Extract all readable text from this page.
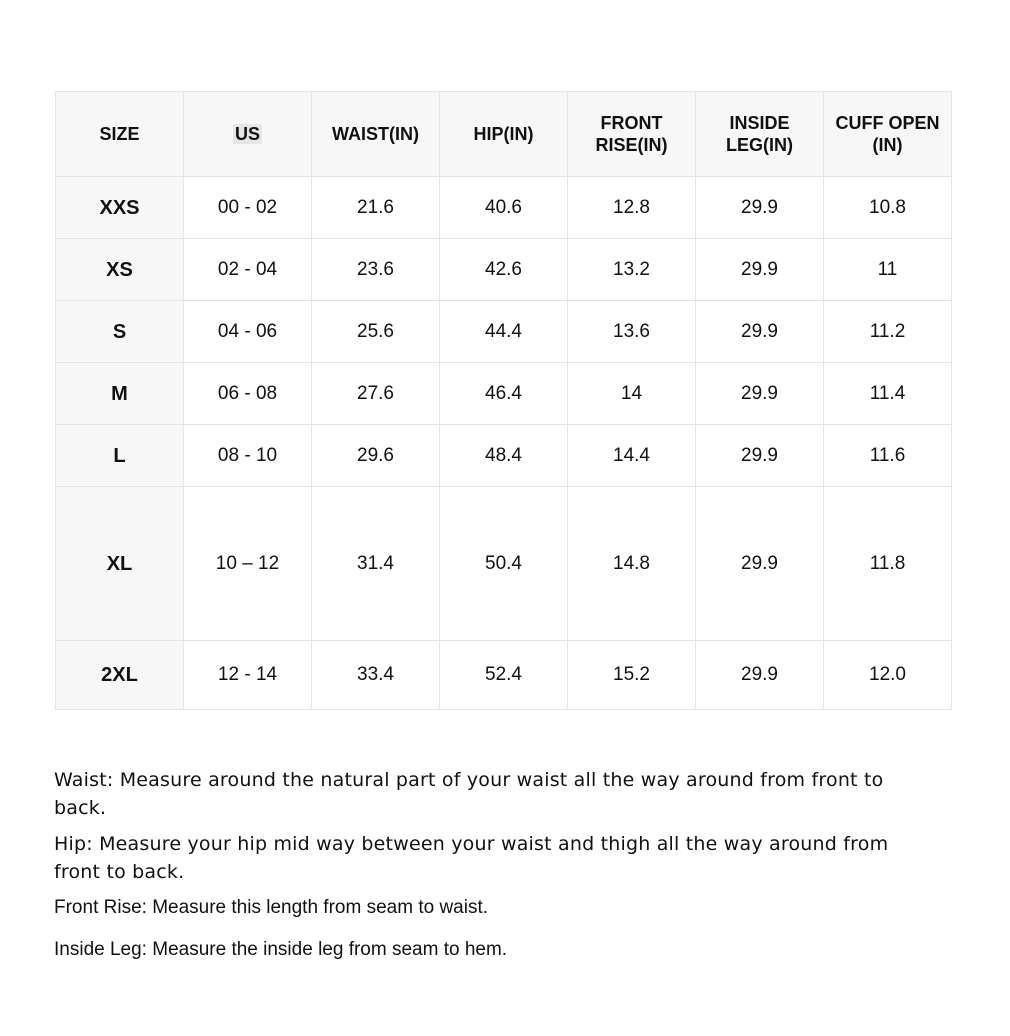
SIZE	US	WAIST(IN)	HIP(IN)	FRONT RISE(IN)	INSIDE LEG(IN)	CUFF OPEN (IN)
XXS	00 - 02	21.6	40.6	12.8	29.9	10.8
XS	02 - 04	23.6	42.6	13.2	29.9	11
S	04 - 06	25.6	44.4	13.6	29.9	11.2
M	06 - 08	27.6	46.4	14	29.9	11.4
L	08 - 10	29.6	48.4	14.4	29.9	11.6
XL	10 – 12	31.4	50.4	14.8	29.9	11.8
2XL	12 - 14	33.4	52.4	15.2	29.9	12.0

Waist: Measure around the natural part of your waist all the way around from front to back.

Hip: Measure your hip mid way between your waist and thigh all the way around from front to back.

Front Rise: Measure this length from seam to waist.

Inside Leg: Measure the inside leg from seam to hem.
